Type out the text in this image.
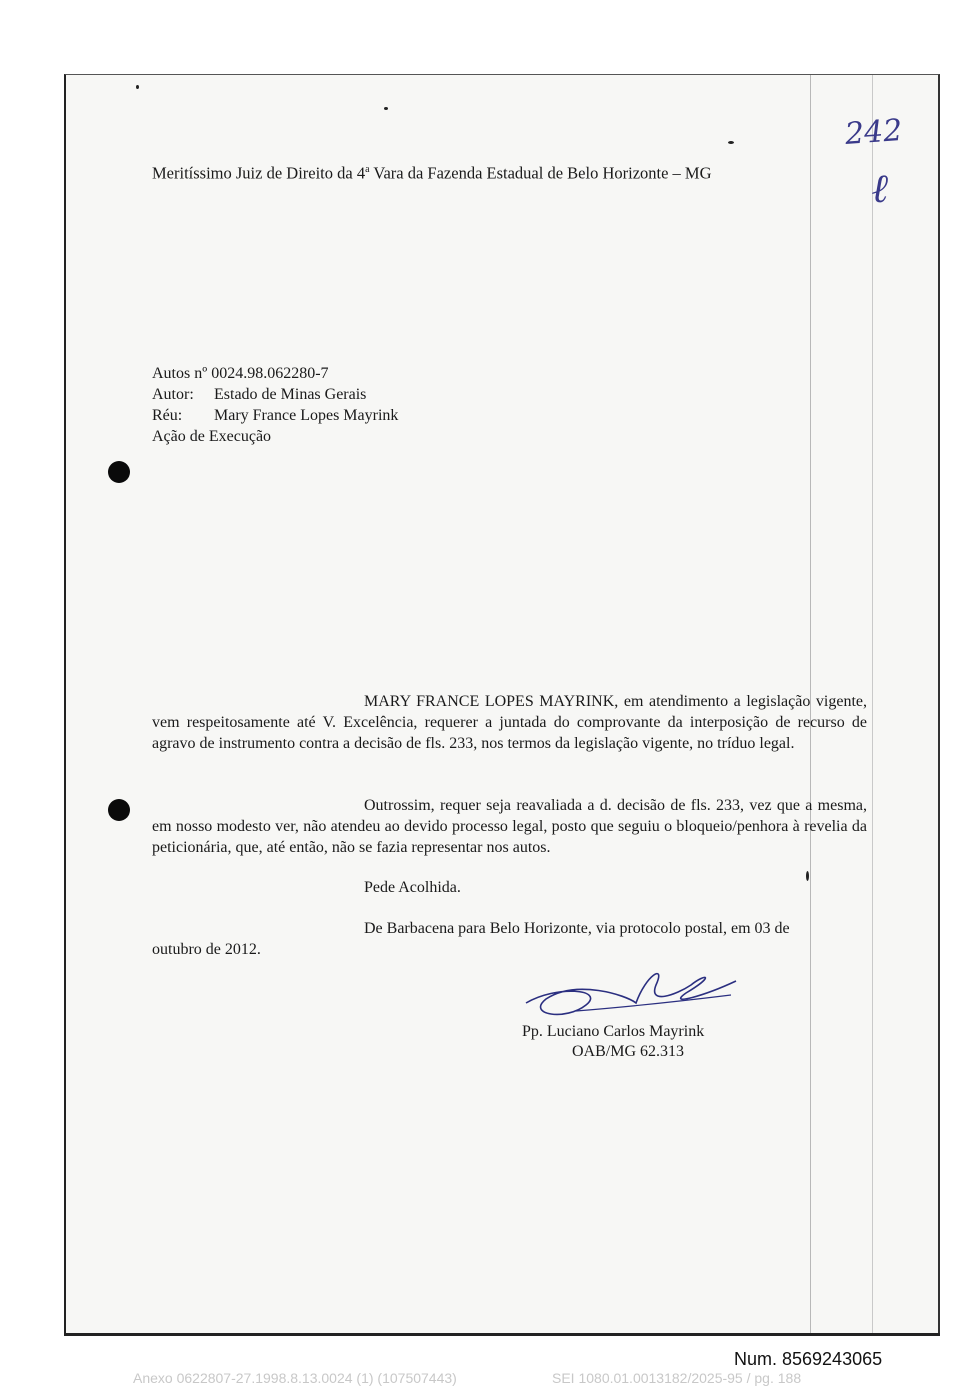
242
ℓ
Meritíssimo Juiz de Direito da 4$^a$ Vara da Fazenda Estadual de Belo Horizonte – MG
Autos nº 0024.98.062280-7
Autor: Estado de Minas Gerais
Réu: Mary France Lopes Mayrink
Ação de Execução
MARY FRANCE LOPES MAYRINK, em atendimento a legislação vigente, vem respeitosamente até V. Excelência, requerer a juntada do comprovante da interposição de recurso de agravo de instrumento contra a decisão de fls. 233, nos termos da legislação vigente, no tríduo legal.
Outrossim, requer seja reavaliada a d. decisão de fls. 233, vez que a mesma, em nosso modesto ver, não atendeu ao devido processo legal, posto que seguiu o bloqueio/penhora à revelia da peticionária, que, até então, não se fazia representar nos autos.
Pede Acolhida.
De Barbacena para Belo Horizonte, via protocolo postal, em 03 de
outubro de 2012.
Pp. Luciano Carlos Mayrink
OAB/MG 62.313
Num. 8569243065
Anexo 0622807-27.1998.8.13.0024 (1) (107507443)	SEI 1080.01.0013182/2025-95 / pg. 188
